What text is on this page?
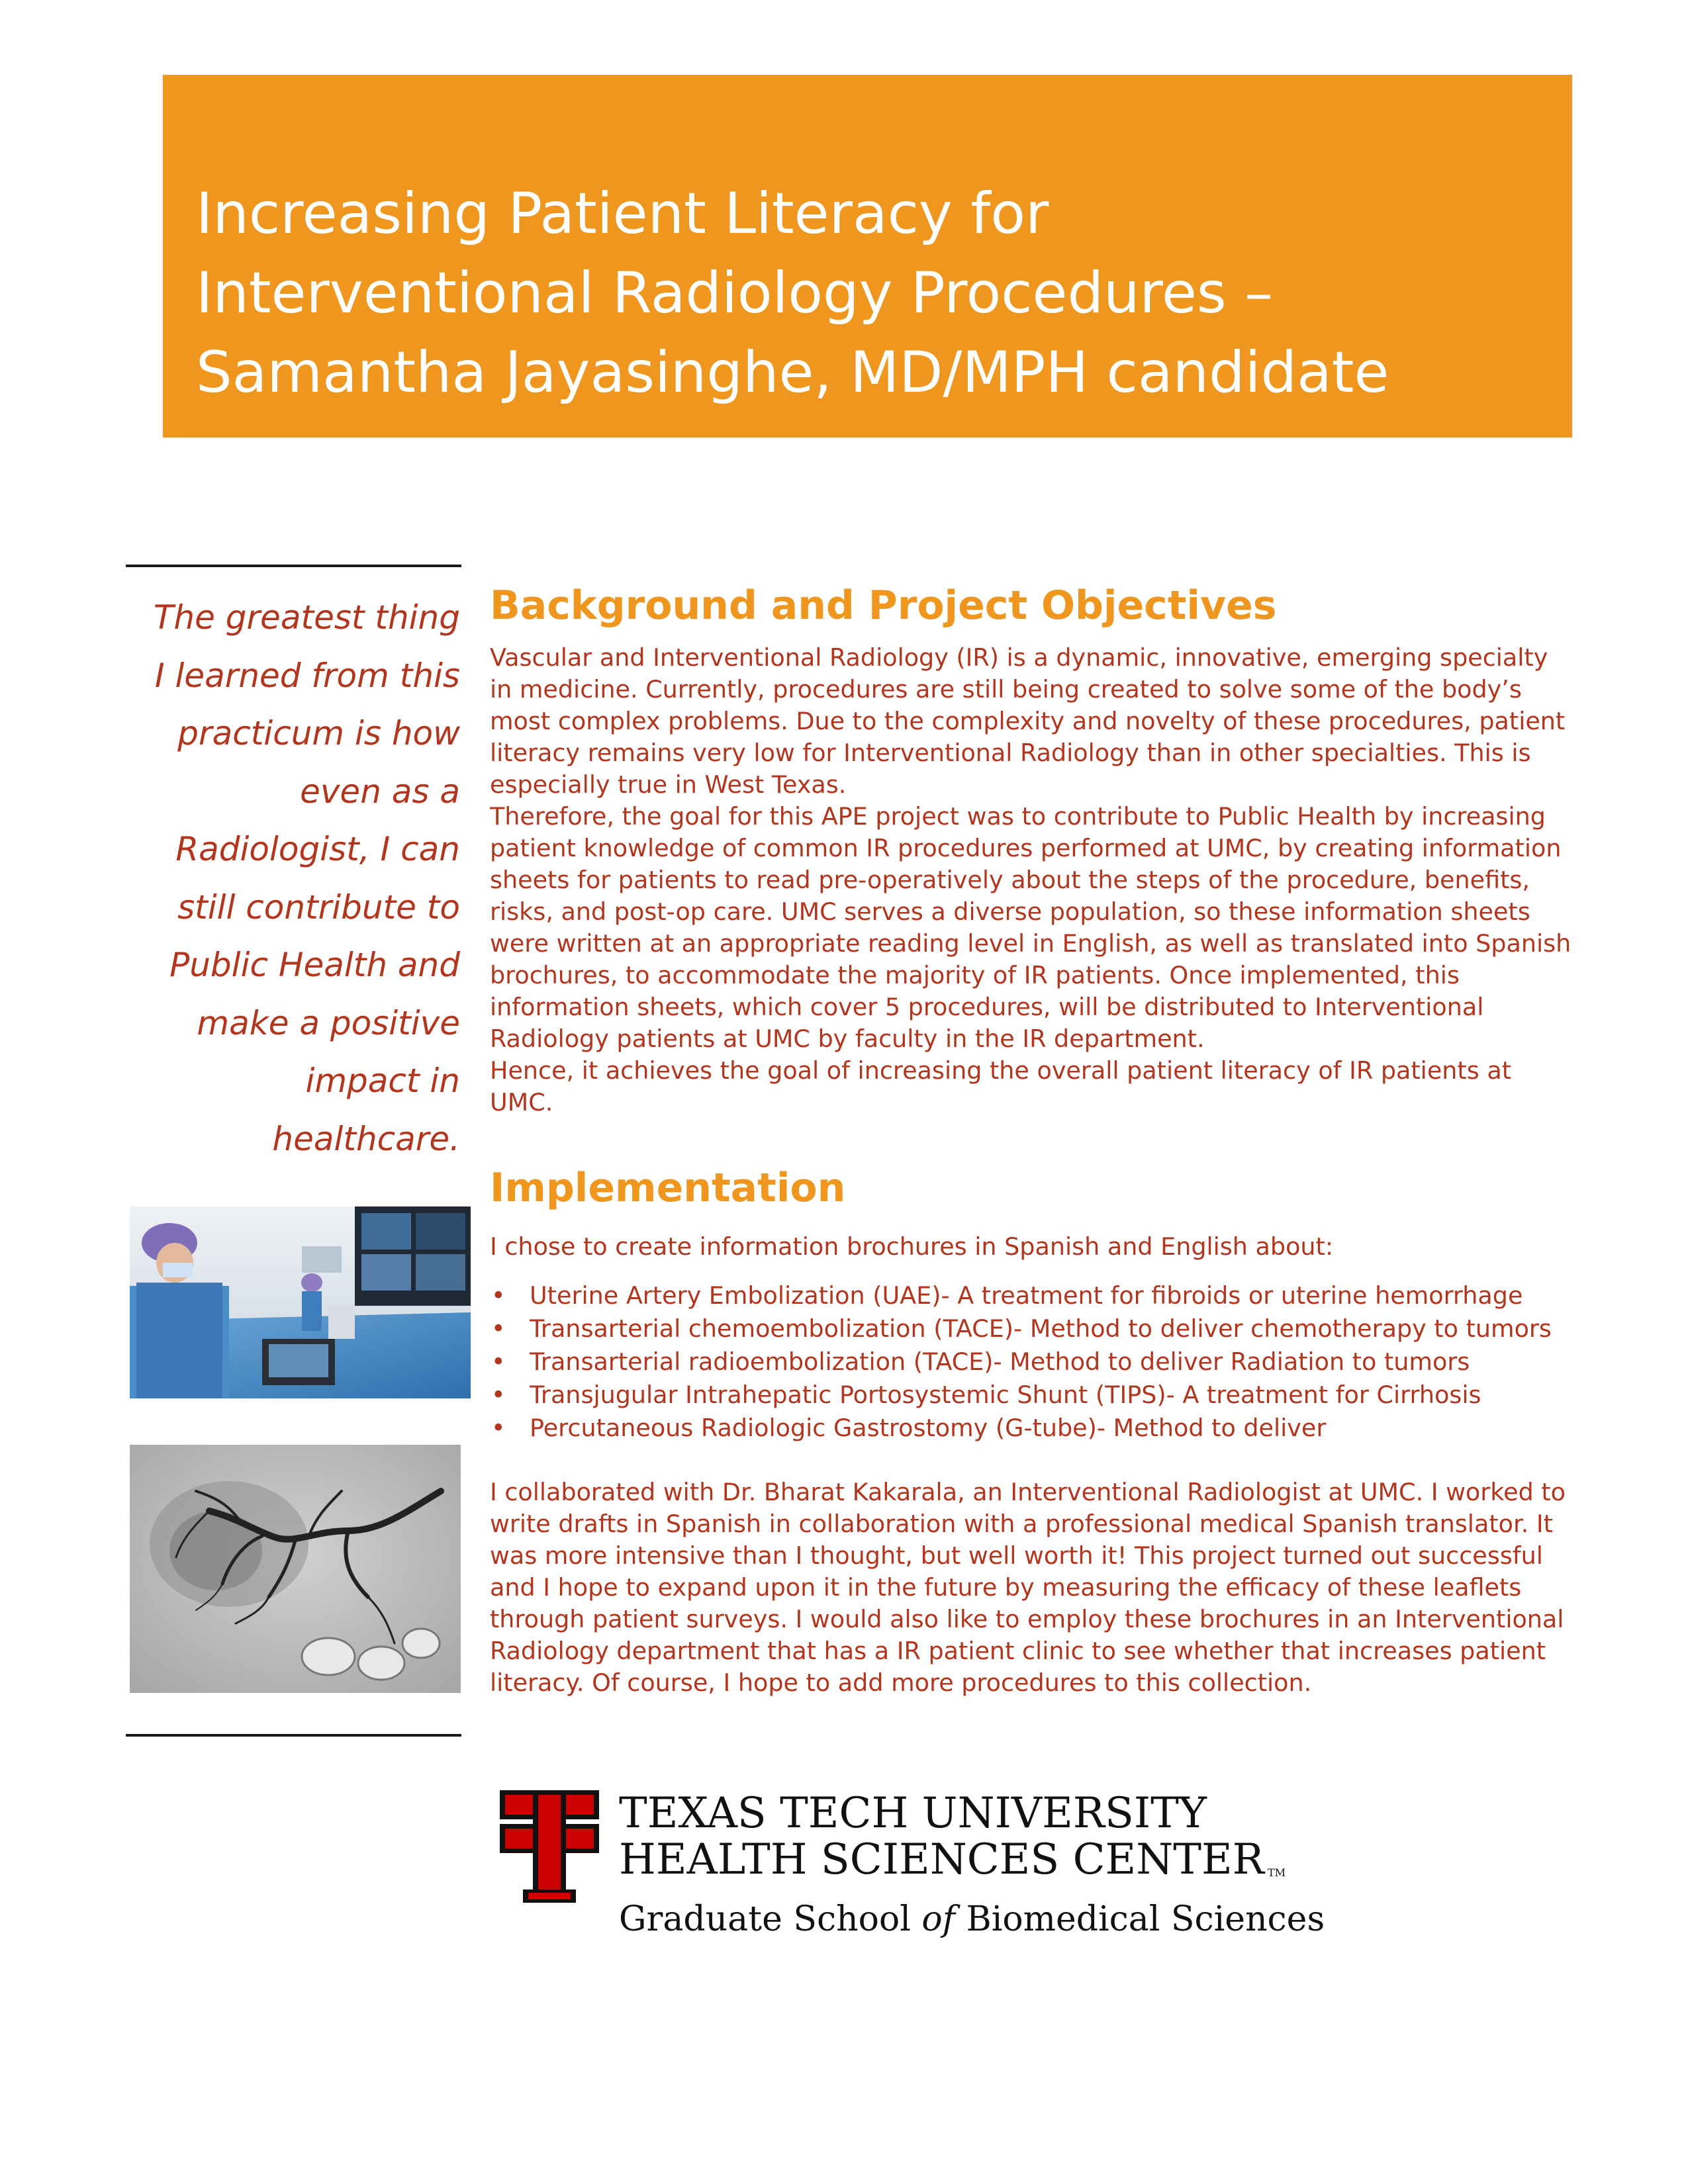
Increasing Patient Literacy for
Interventional Radiology Procedures –
Samantha Jayasinghe, MD/MPH candidate
The greatest thing
I learned from this
practicum is how
even as a
Radiologist, I can
still contribute to
Public Health and
make a positive
impact in
healthcare.
Background and Project Objectives

Vascular and Interventional Radiology (IR) is a dynamic, innovative, emerging specialty in medicine. Currently, procedures are still being created to solve some of the body’s most complex problems. Due to the complexity and novelty of these procedures, patient literacy remains very low for Interventional Radiology than in other specialties. This is especially true in West Texas.

Therefore, the goal for this APE project was to contribute to Public Health by increasing patient knowledge of common IR procedures performed at UMC, by creating information sheets for patients to read pre-operatively about the steps of the procedure, benefits, risks, and post-op care. UMC serves a diverse population, so these information sheets were written at an appropriate reading level in English, as well as translated into Spanish brochures, to accommodate the majority of IR patients. Once implemented, this information sheets, which cover 5 procedures, will be distributed to Interventional Radiology patients at UMC by faculty in the IR department.

Hence, it achieves the goal of increasing the overall patient literacy of IR patients at UMC.

Implementation

I chose to create information brochures in Spanish and English about:

• Uterine Artery Embolization (UAE)- A treatment for fibroids or uterine hemorrhage
• Transarterial chemoembolization (TACE)- Method to deliver chemotherapy to tumors
• Transarterial radioembolization (TACE)- Method to deliver Radiation to tumors
• Transjugular Intrahepatic Portosystemic Shunt (TIPS)- A treatment for Cirrhosis
• Percutaneous Radiologic Gastrostomy (G-tube)- Method to deliver

I collaborated with Dr. Bharat Kakarala, an Interventional Radiologist at UMC. I worked to write drafts in Spanish in collaboration with a professional medical Spanish translator. It was more intensive than I thought, but well worth it! This project turned out successful and I hope to expand upon it in the future by measuring the efficacy of these leaflets through patient surveys. I would also like to employ these brochures in an Interventional Radiology department that has a IR patient clinic to see whether that increases patient literacy. Of course, I hope to add more procedures to this collection.

TEXAS TECH UNIVERSITY
HEALTH SCIENCES CENTER TM
Graduate School of Biomedical Sciences
